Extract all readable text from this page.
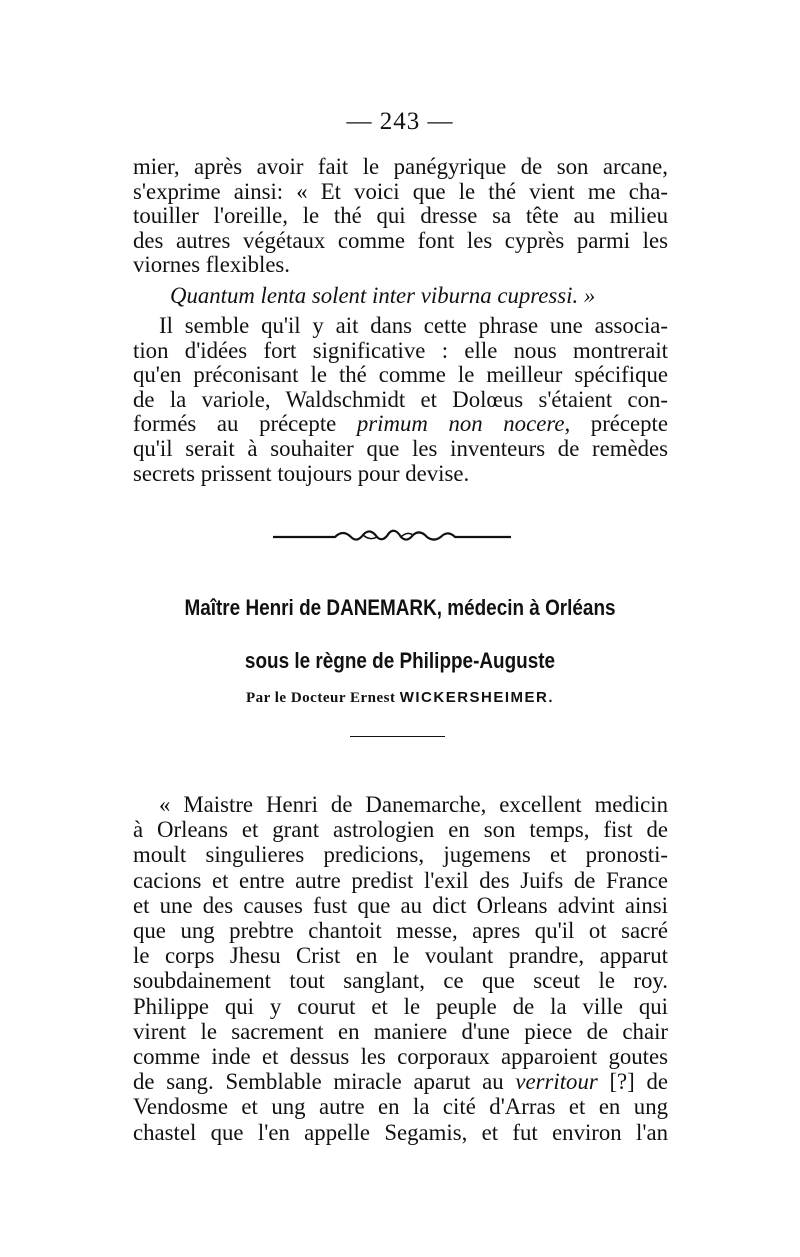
— 243 —
mier, après avoir fait le panégyrique de son arcane,
s'exprime ainsi: « Et voici que le thé vient me cha-
touiller l'oreille, le thé qui dresse sa tête au milieu
des autres végétaux comme font les cyprès parmi les
viornes flexibles.
Quantum lenta solent inter viburna cupressi. »
Il semble qu'il y ait dans cette phrase une associa-
tion d'idées fort significative : elle nous montrerait
qu'en préconisant le thé comme le meilleur spécifique
de la variole, Waldschmidt et Dolœus s'étaient con-
formés au précepte primum non nocere, précepte
qu'il serait à souhaiter que les inventeurs de remèdes
secrets prissent toujours pour devise.
Maître Henri de DANEMARK, médecin à Orléans
sous le règne de Philippe-Auguste
Par le Docteur Ernest WICKERSHEIMER.
« Maistre Henri de Danemarche, excellent medicin
à Orleans et grant astrologien en son temps, fist de
moult singulieres predicions, jugemens et pronosti-
cacions et entre autre predist l'exil des Juifs de France
et une des causes fust que au dict Orleans advint ainsi
que ung prebtre chantoit messe, apres qu'il ot sacré
le corps Jhesu Crist en le voulant prandre, apparut
soubdainement tout sanglant, ce que sceut le roy.
Philippe qui y courut et le peuple de la ville qui
virent le sacrement en maniere d'une piece de chair
comme inde et dessus les corporaux apparoient goutes
de sang. Semblable miracle aparut au verritour [?] de
Vendosme et ung autre en la cité d'Arras et en ung
chastel que l'en appelle Segamis, et fut environ l'an
